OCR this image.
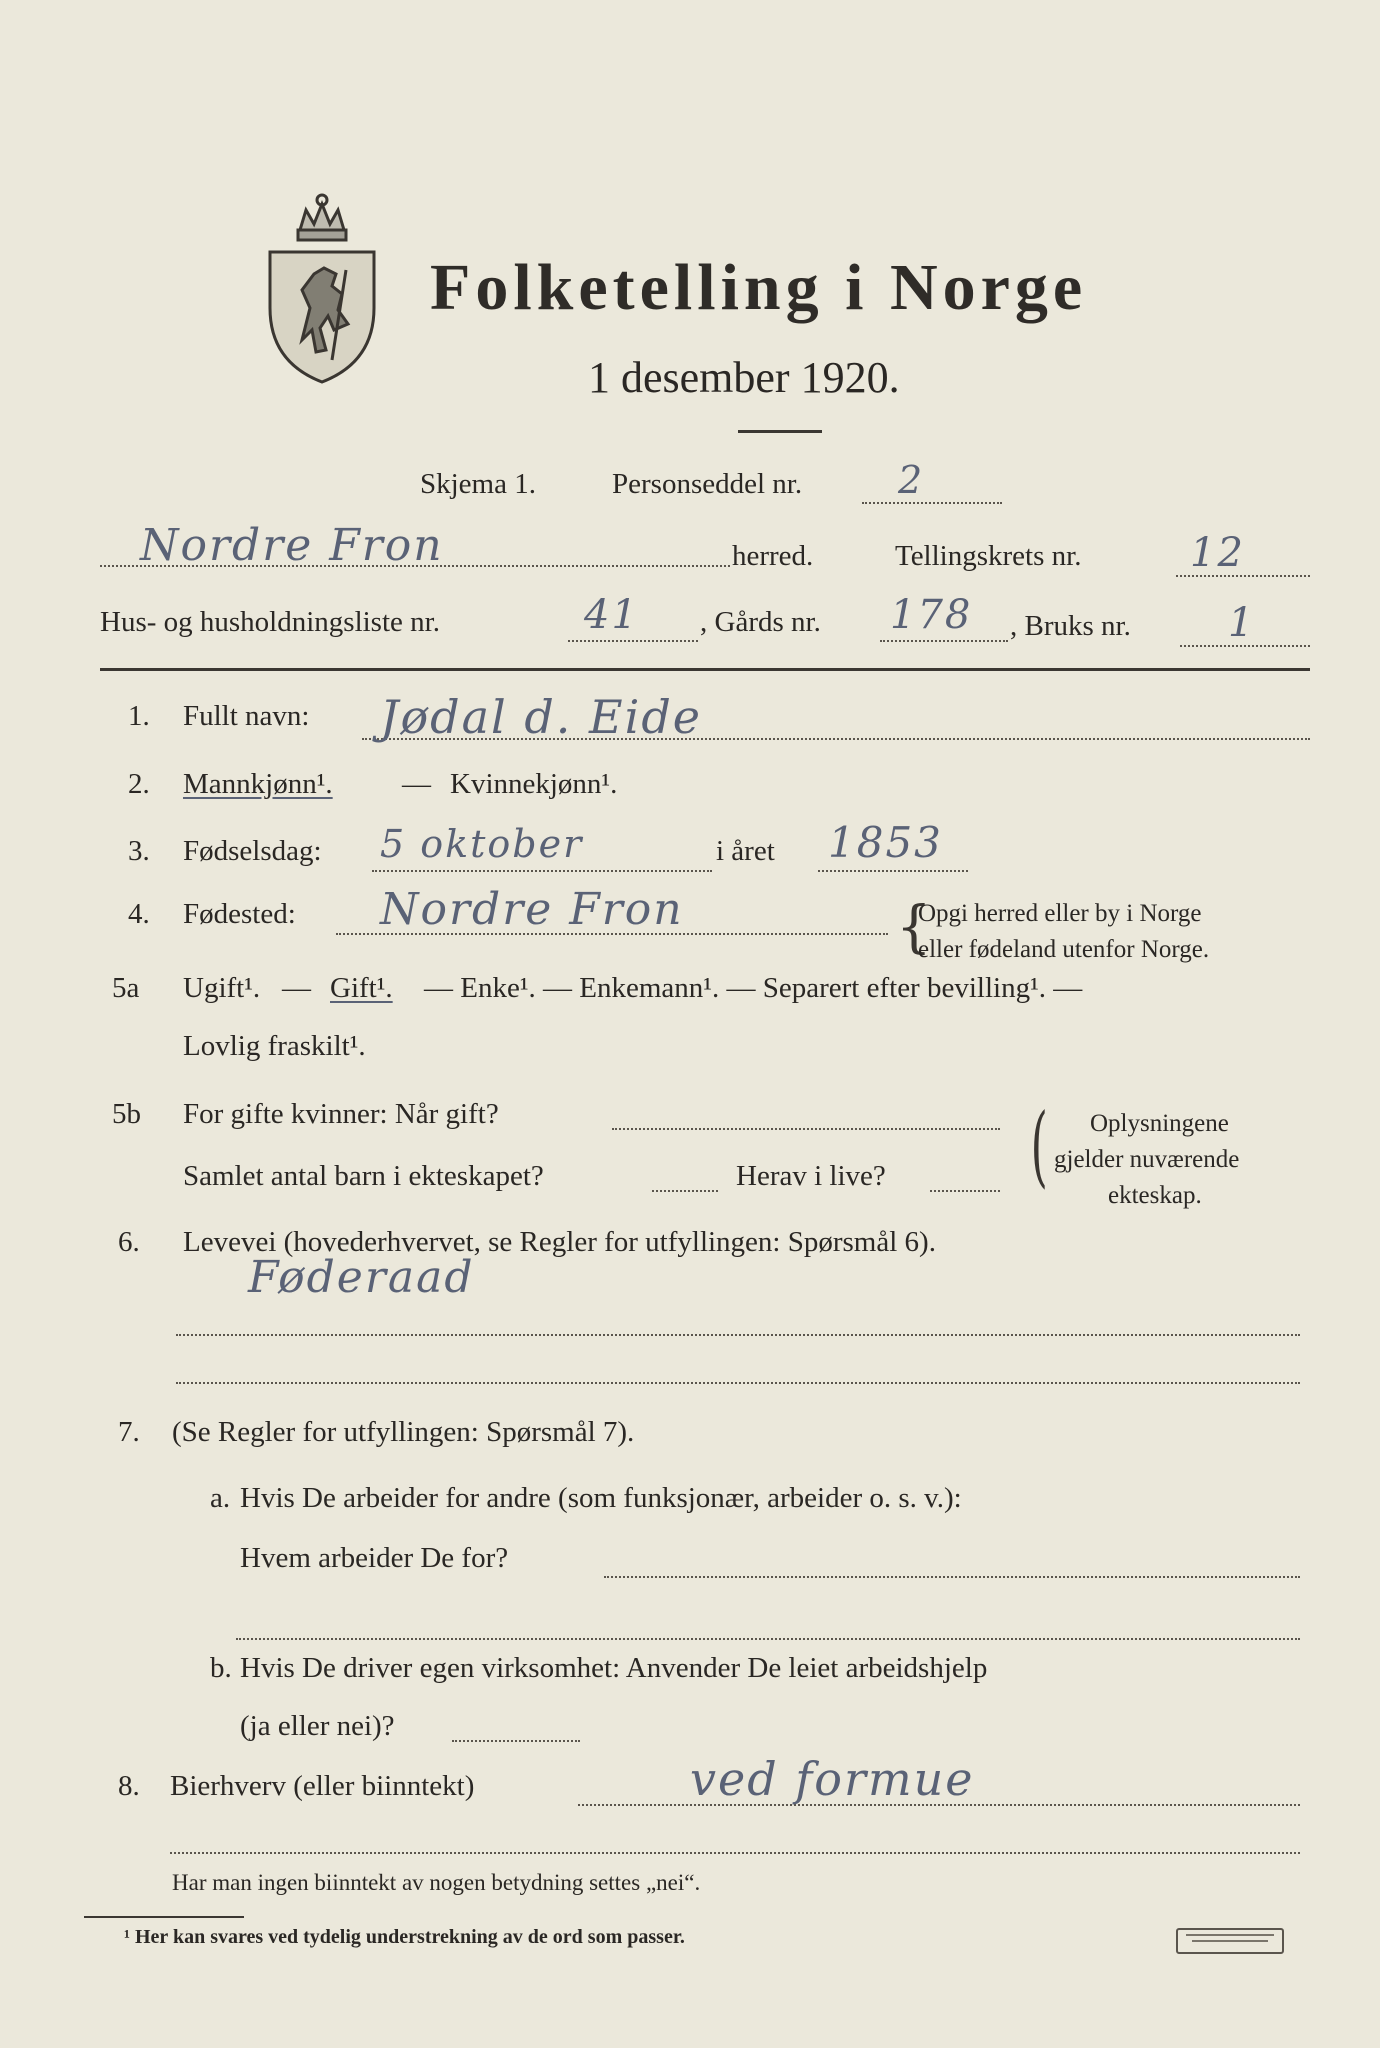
Folketelling i Norge
1 desember 1920.
Skjema 1.	Personseddel nr.	2
Nordre Fron	herred.	Tellingskrets nr.	12
Hus- og husholdningsliste nr.	41 , Gårds nr. 178 , Bruks nr. 1
1. Fullt navn: Jødal d. Eide
2. Mannkjønn¹. — Kvinnekjønn¹.
3. Fødselsdag: 5 oktober	i året 1853
4. Fødested: Nordre Fron	{
Opgi herred eller by i Norge
eller fødeland utenfor Norge.
5a Ugift¹. — Gift¹. — Enke¹. — Enkemann¹. — Separert efter bevilling¹. —
Lovlig fraskilt¹.
5b For gifte kvinner: Når gift?
Samlet antal barn i ekteskapet?	Herav i live? ( Oplysningene
gjelder nuværende
ekteskap.
6. Levevei (hovederhvervet, se Regler for utfyllingen: Spørsmål 6).
Føderaad
7. (Se Regler for utfyllingen: Spørsmål 7).
a. Hvis De arbeider for andre (som funksjonær, arbeider o. s. v.):
Hvem arbeider De for?
b. Hvis De driver egen virksomhet: Anvender De leiet arbeidshjelp
(ja eller nei)?
8. Bierhverv (eller biinntekt)	ved formue
Har man ingen biinntekt av nogen betydning settes „nei“.
¹ Her kan svares ved tydelig understrekning av de ord som passer.
